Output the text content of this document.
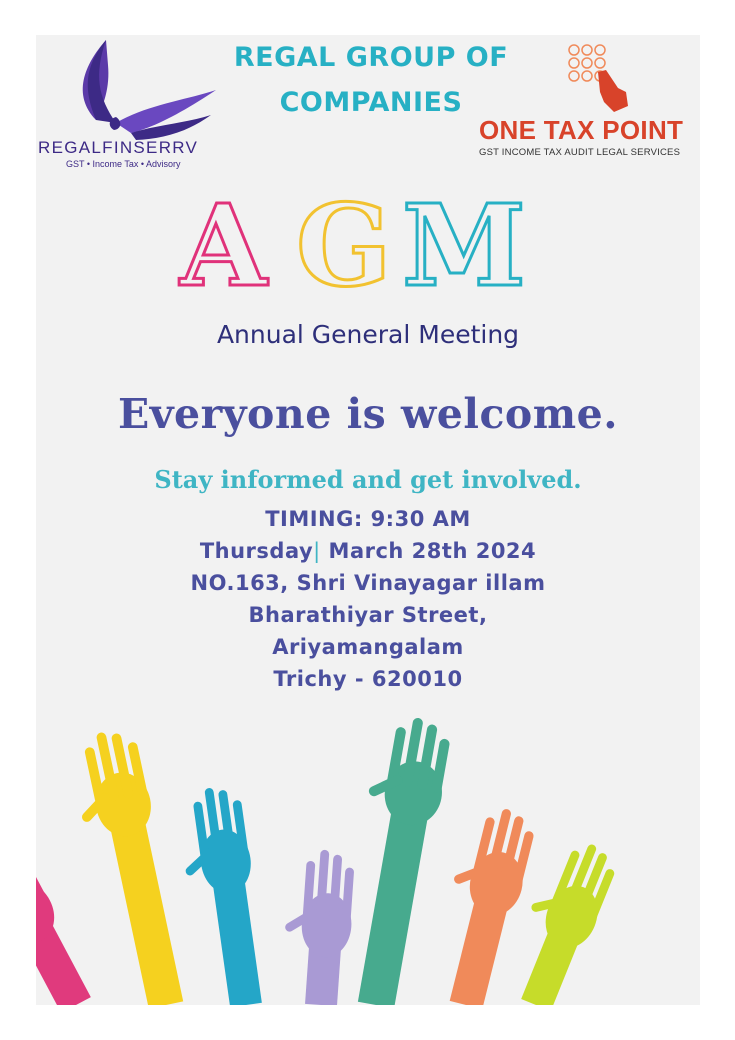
REGALFINSERRV
GST • Income Tax • Advisory
REGAL GROUP OF COMPANIES
ONE TAX POINT
GST INCOME TAX AUDIT LEGAL SERVICES
A G M
Annual General Meeting
Everyone is welcome.
Stay informed and get involved.
TIMING: 9:30 AM
Thursday| March 28th 2024
NO.163, Shri Vinayagar illam
Bharathiyar Street,
Ariyamangalam
Trichy - 620010
